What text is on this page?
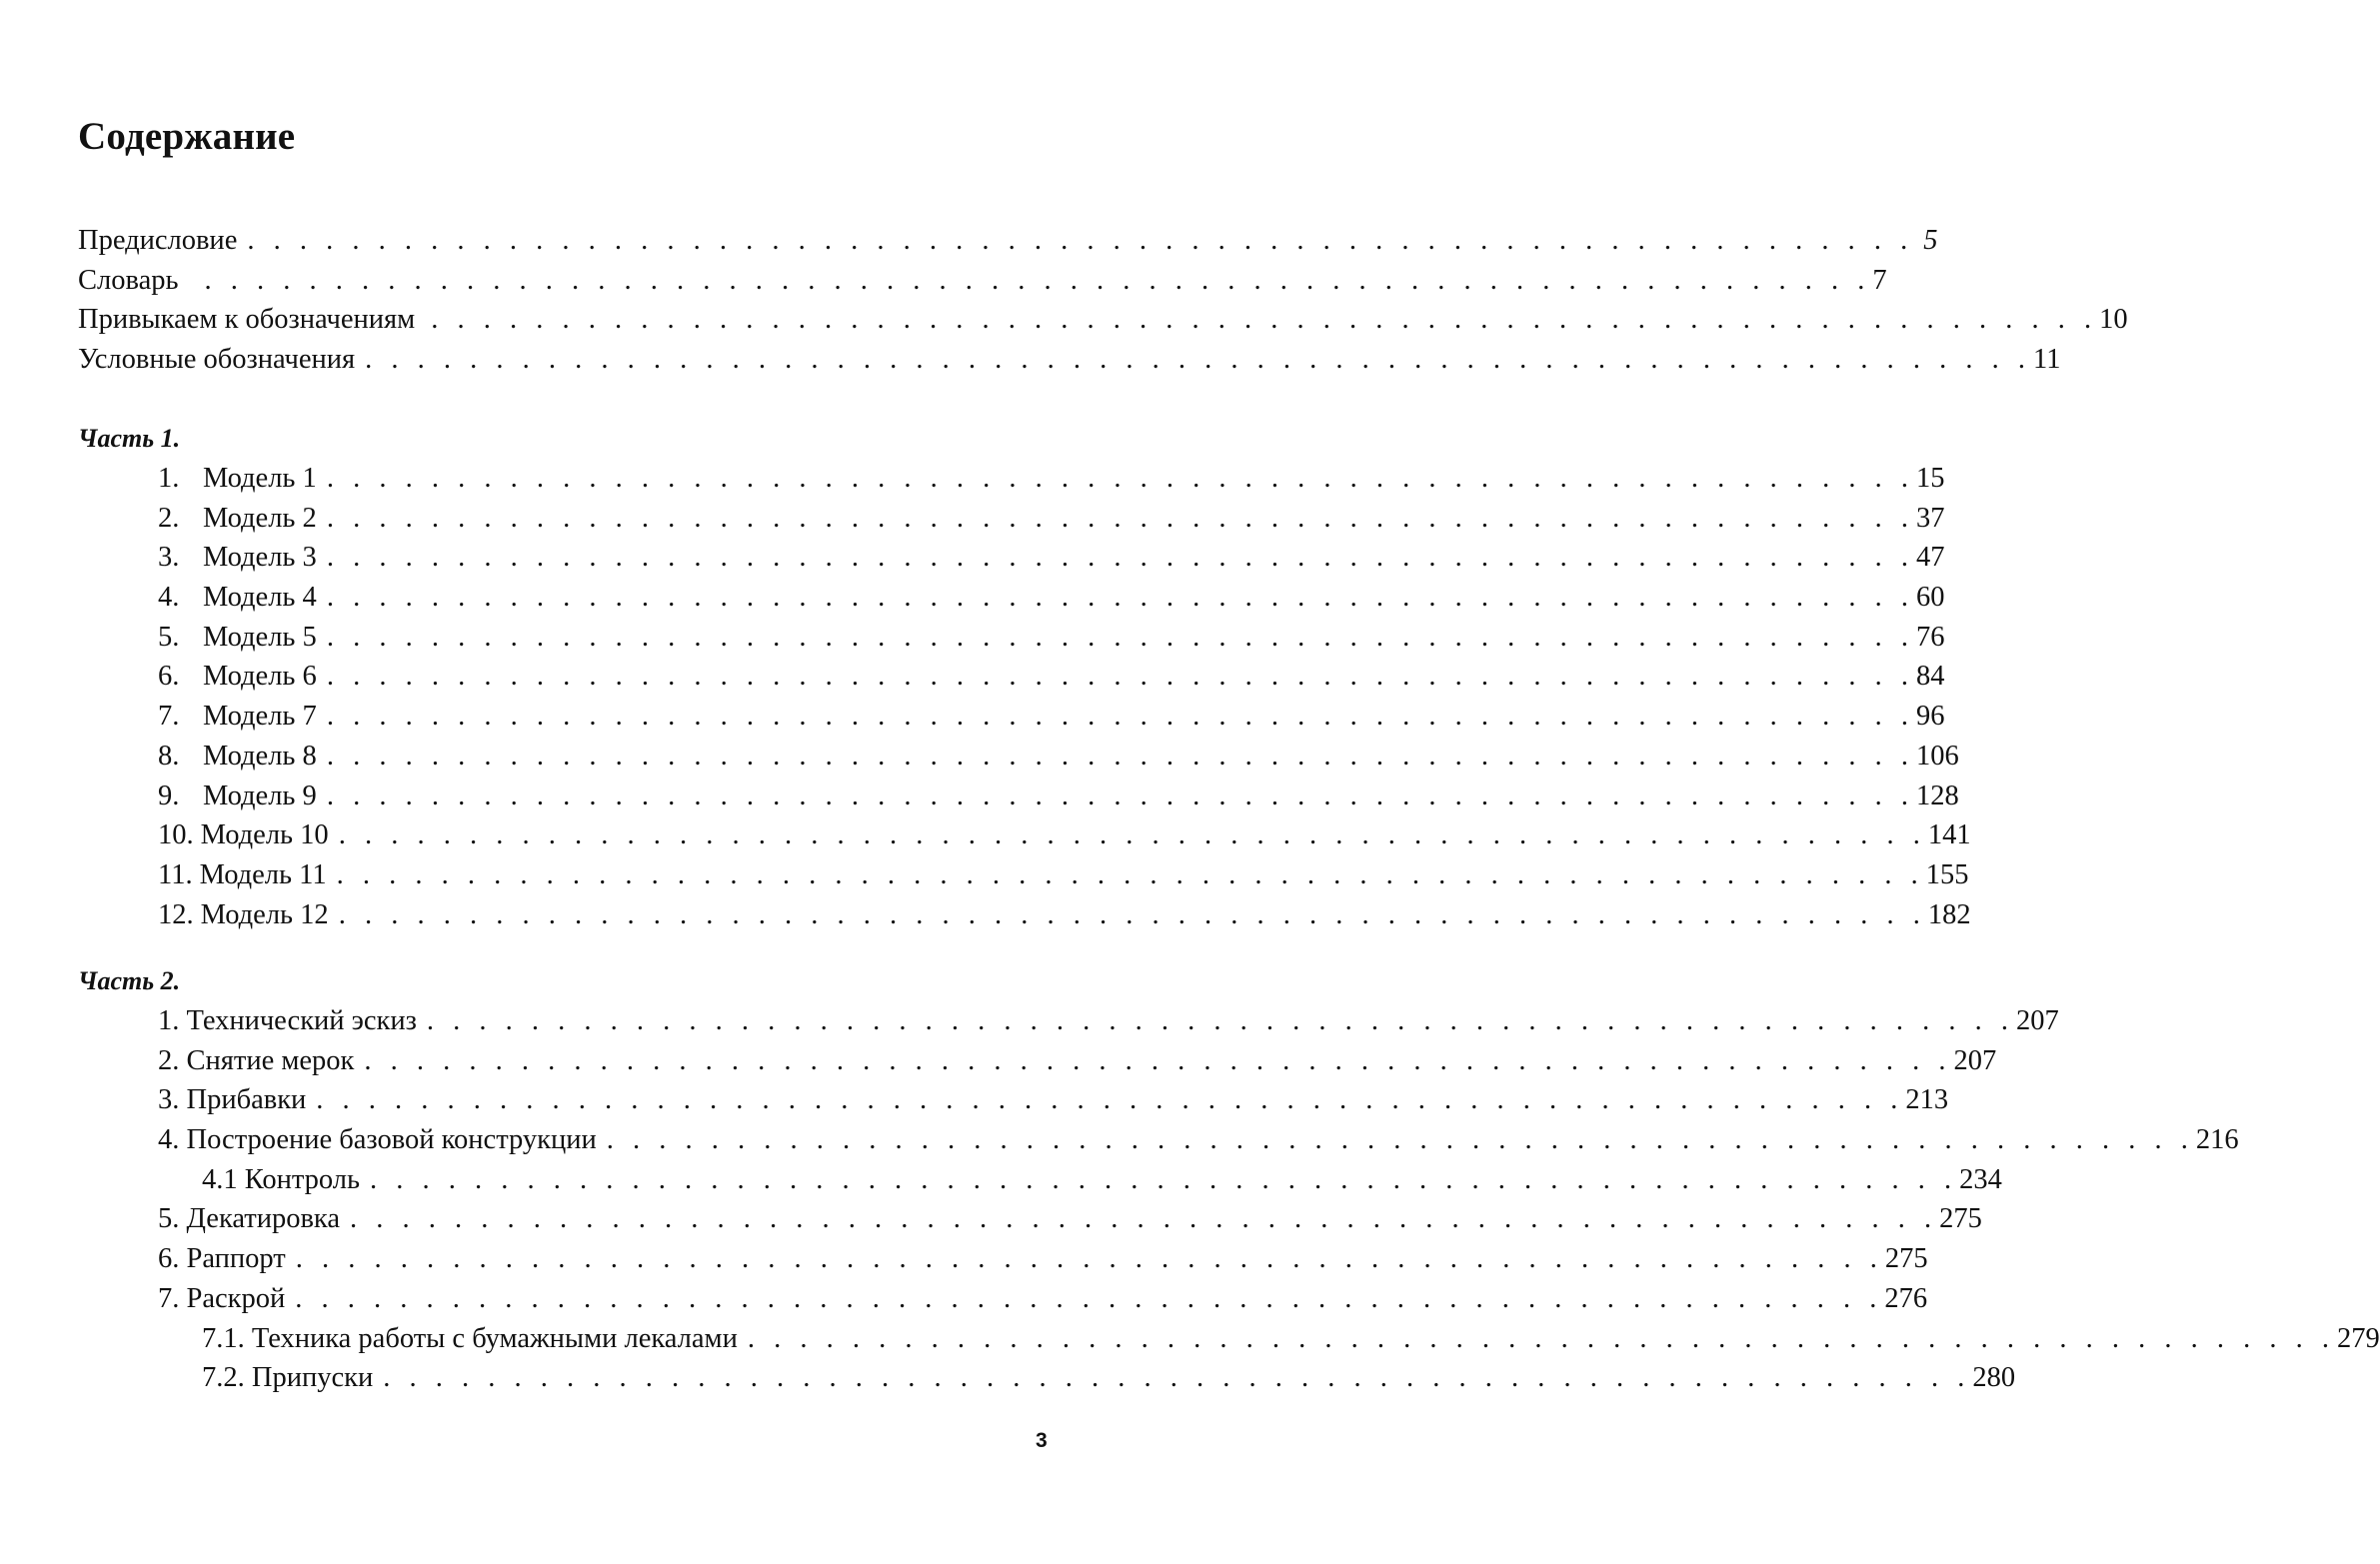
Содержание
Предисловие . . . . . . . . . . . . . . . . . . . . . . . . . . . . . . . . . . . . . . . . . . . . . . . . . . . . . . . . . . . . . . . . 5
Словарь . . . . . . . . . . . . . . . . . . . . . . . . . . . . . . . . . . . . . . . . . . . . . . . . . . . . . . . . . . . . . . . . 7
Привыкаем к обозначениям . . . . . . . . . . . . . . . . . . . . . . . . . . . . . . . . . . . . . . . . . . . . . . . . . . . . . . . . . . . . . . . . 10
Условные обозначения . . . . . . . . . . . . . . . . . . . . . . . . . . . . . . . . . . . . . . . . . . . . . . . . . . . . . . . . . . . . . . . . 11

Часть 1.

1. Модель 1 . . . . . . . . . . . . . . . . . . . . . . . . . . . . . . . . . . . . . . . . . . . . . . . . . . . . . . . . . . . . . 15
2. Модель 2 . . . . . . . . . . . . . . . . . . . . . . . . . . . . . . . . . . . . . . . . . . . . . . . . . . . . . . . . . . . . . 37
3. Модель 3 . . . . . . . . . . . . . . . . . . . . . . . . . . . . . . . . . . . . . . . . . . . . . . . . . . . . . . . . . . . . . 47
4. Модель 4 . . . . . . . . . . . . . . . . . . . . . . . . . . . . . . . . . . . . . . . . . . . . . . . . . . . . . . . . . . . . . 60
5. Модель 5 . . . . . . . . . . . . . . . . . . . . . . . . . . . . . . . . . . . . . . . . . . . . . . . . . . . . . . . . . . . . . 76
6. Модель 6 . . . . . . . . . . . . . . . . . . . . . . . . . . . . . . . . . . . . . . . . . . . . . . . . . . . . . . . . . . . . . 84
7. Модель 7 . . . . . . . . . . . . . . . . . . . . . . . . . . . . . . . . . . . . . . . . . . . . . . . . . . . . . . . . . . . . . 96
8. Модель 8 . . . . . . . . . . . . . . . . . . . . . . . . . . . . . . . . . . . . . . . . . . . . . . . . . . . . . . . . . . . . . 106
9. Модель 9 . . . . . . . . . . . . . . . . . . . . . . . . . . . . . . . . . . . . . . . . . . . . . . . . . . . . . . . . . . . . . 128
10. Модель 10 . . . . . . . . . . . . . . . . . . . . . . . . . . . . . . . . . . . . . . . . . . . . . . . . . . . . . . . . . . . . . 141
11. Модель 11 . . . . . . . . . . . . . . . . . . . . . . . . . . . . . . . . . . . . . . . . . . . . . . . . . . . . . . . . . . . . . 155
12. Модель 12 . . . . . . . . . . . . . . . . . . . . . . . . . . . . . . . . . . . . . . . . . . . . . . . . . . . . . . . . . . . . . 182

Часть 2.

1. Технический эскиз . . . . . . . . . . . . . . . . . . . . . . . . . . . . . . . . . . . . . . . . . . . . . . . . . . . . . . . . . . . . . 207
2. Снятие мерок . . . . . . . . . . . . . . . . . . . . . . . . . . . . . . . . . . . . . . . . . . . . . . . . . . . . . . . . . . . . . 207
3. Прибавки . . . . . . . . . . . . . . . . . . . . . . . . . . . . . . . . . . . . . . . . . . . . . . . . . . . . . . . . . . . . . 213
4. Построение базовой конструкции . . . . . . . . . . . . . . . . . . . . . . . . . . . . . . . . . . . . . . . . . . . . . . . . . . . . . . . . . . . . . 216
4.1 Контроль . . . . . . . . . . . . . . . . . . . . . . . . . . . . . . . . . . . . . . . . . . . . . . . . . . . . . . . . . . . . . 234
5. Декатировка . . . . . . . . . . . . . . . . . . . . . . . . . . . . . . . . . . . . . . . . . . . . . . . . . . . . . . . . . . . . . 275
6. Раппорт . . . . . . . . . . . . . . . . . . . . . . . . . . . . . . . . . . . . . . . . . . . . . . . . . . . . . . . . . . . . . 275
7. Раскрой . . . . . . . . . . . . . . . . . . . . . . . . . . . . . . . . . . . . . . . . . . . . . . . . . . . . . . . . . . . . . 276
7.1. Техника работы с бумажными лекалами . . . . . . . . . . . . . . . . . . . . . . . . . . . . . . . . . . . . . . . . . . . . . . . . . . . . . . . . . . . . . 279
7.2. Припуски . . . . . . . . . . . . . . . . . . . . . . . . . . . . . . . . . . . . . . . . . . . . . . . . . . . . . . . . . . . . . 280
3
